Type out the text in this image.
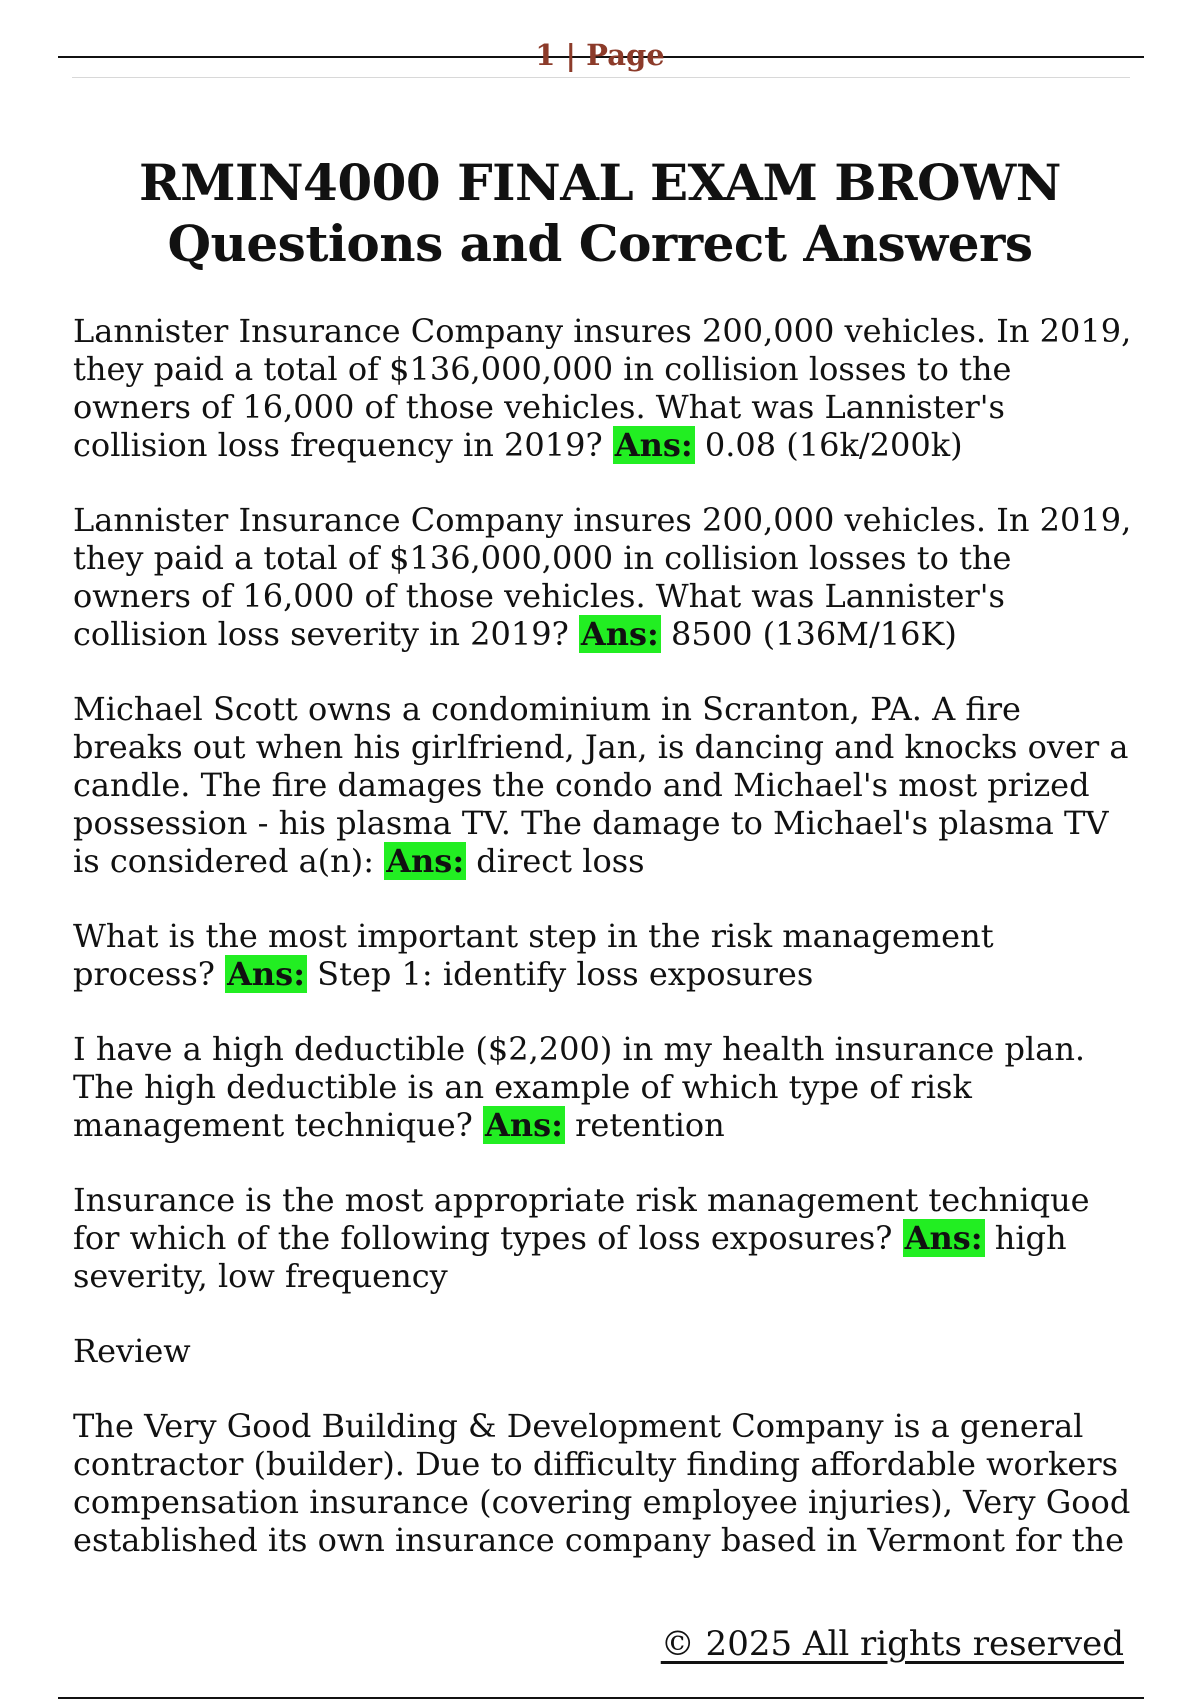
1 | Page
RMIN4000 FINAL EXAM BROWN
Questions and Correct Answers

Lannister Insurance Company insures 200,000 vehicles. In 2019, they paid a total of $136,000,000 in collision losses to the owners of 16,000 of those vehicles. What was Lannister's collision loss frequency in 2019? Ans: 0.08 (16k/200k)

Lannister Insurance Company insures 200,000 vehicles. In 2019, they paid a total of $136,000,000 in collision losses to the owners of 16,000 of those vehicles. What was Lannister's collision loss severity in 2019? Ans: 8500 (136M/16K)

Michael Scott owns a condominium in Scranton, PA. A fire breaks out when his girlfriend, Jan, is dancing and knocks over a candle. The fire damages the condo and Michael's most prized possession - his plasma TV. The damage to Michael's plasma TV is considered a(n): Ans: direct loss

What is the most important step in the risk management process? Ans: Step 1: identify loss exposures

I have a high deductible ($2,200) in my health insurance plan. The high deductible is an example of which type of risk management technique? Ans: retention

Insurance is the most appropriate risk management technique for which of the following types of loss exposures? Ans: high severity, low frequency

Review

The Very Good Building & Development Company is a general contractor (builder). Due to difficulty finding affordable workers compensation insurance (covering employee injuries), Very Good established its own insurance company based in Vermont for the

© 2025 All rights reserved
